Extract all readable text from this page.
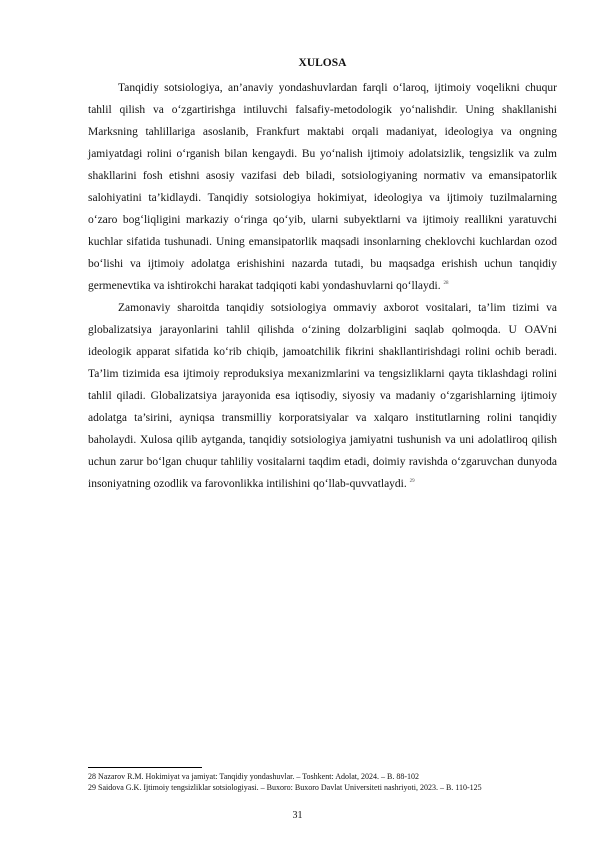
XULOSA

Tanqidiy sotsiologiya, an’anaviy yondashuvlardan farqli o‘laroq, ijtimoiy voqelikni chuqur tahlil qilish va o‘zgartirishga intiluvchi falsafiy-metodologik yo‘nalishdir. Uning shakllanishi Marksning tahlillariga asoslanib, Frankfurt maktabi orqali madaniyat, ideologiya va ongning jamiyatdagi rolini o‘rganish bilan kengaydi. Bu yo‘nalish ijtimoiy adolatsizlik, tengsizlik va zulm shakllarini fosh etishni asosiy vazifasi deb biladi, sotsiologiyaning normativ va emansipatorlik salohiyatini ta’kidlaydi. Tanqidiy sotsiologiya hokimiyat, ideologiya va ijtimoiy tuzilmalarning o‘zaro bog‘liqligini markaziy o‘ringa qo‘yib, ularni subyektlarni va ijtimoiy reallikni yaratuvchi kuchlar sifatida tushunadi. Uning emansipatorlik maqsadi insonlarning cheklovchi kuchlardan ozod bo‘lishi va ijtimoiy adolatga erishishini nazarda tutadi, bu maqsadga erishish uchun tanqidiy germenevtika va ishtirokchi harakat tadqiqoti kabi yondashuvlarni qo‘llaydi. $^{28}$

Zamonaviy sharoitda tanqidiy sotsiologiya ommaviy axborot vositalari, ta’lim tizimi va globalizatsiya jarayonlarini tahlil qilishda o‘zining dolzarbligini saqlab qolmoqda. U OAVni ideologik apparat sifatida ko‘rib chiqib, jamoatchilik fikrini shakllantirishdagi rolini ochib beradi. Ta’lim tizimida esa ijtimoiy reproduksiya mexanizmlarini va tengsizliklarni qayta tiklashdagi rolini tahlil qiladi. Globalizatsiya jarayonida esa iqtisodiy, siyosiy va madaniy o‘zgarishlarning ijtimoiy adolatga ta’sirini, ayniqsa transmilliy korporatsiyalar va xalqaro institutlarning rolini tanqidiy baholaydi. Xulosa qilib aytganda, tanqidiy sotsiologiya jamiyatni tushunish va uni adolatliroq qilish uchun zarur bo‘lgan chuqur tahliliy vositalarni taqdim etadi, doimiy ravishda o‘zgaruvchan dunyoda insoniyatning ozodlik va farovonlikka intilishini qo‘llab-quvvatlaydi. $^{29}$

28 Nazarov R.M. Hokimiyat va jamiyat: Tanqidiy yondashuvlar. – Toshkent: Adolat, 2024. – B. 88-102

29 Saidova G.K. Ijtimoiy tengsizliklar sotsiologiyasi. – Buxoro: Buxoro Davlat Universiteti nashriyoti, 2023. – B. 110-125

31
